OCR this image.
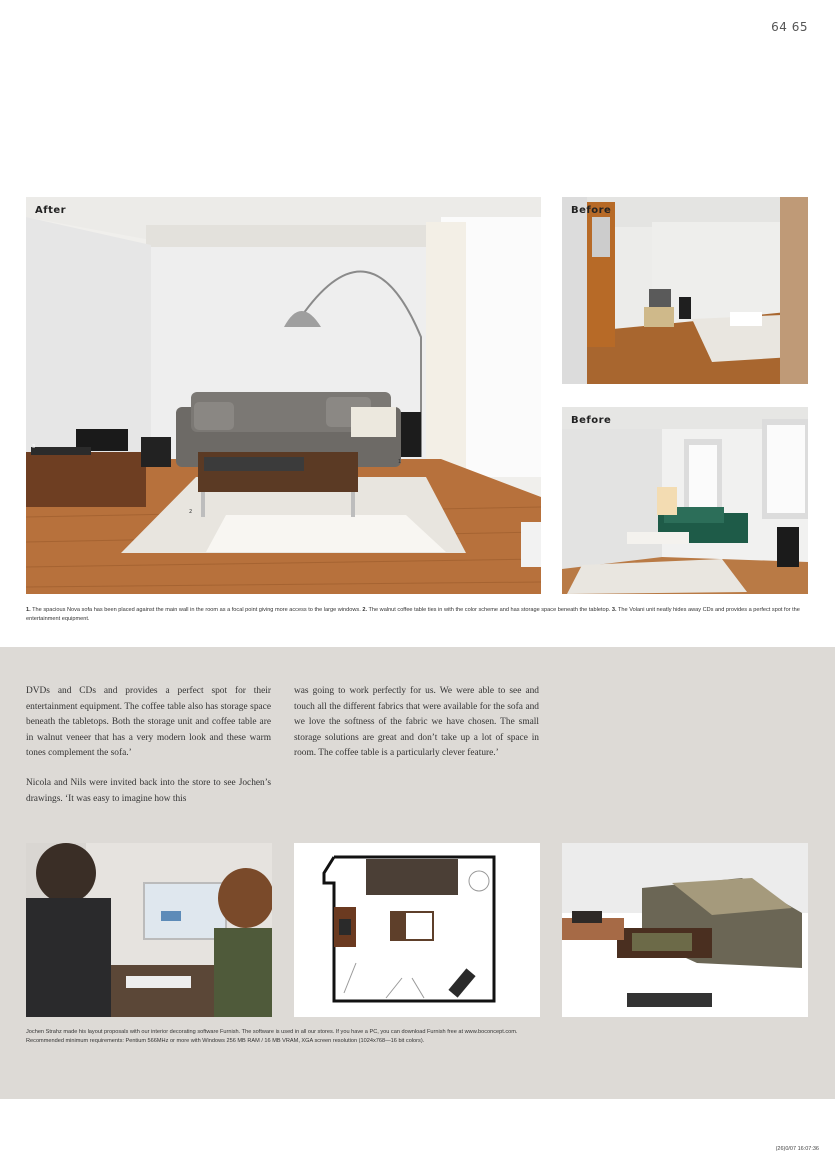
64 65
After
1
2
3
Before
Before
1. The spacious Nova sofa has been placed against the main wall in the room as a focal point giving more access to the large windows. 2. The walnut coffee table ties in with the color scheme and has storage space beneath the tabletop. 3. The Volani unit neatly hides away CDs and provides a perfect spot for the entertainment equipment.

DVDs and CDs and provides a perfect spot for their entertainment equipment. The coffee table also has storage space beneath the tabletops. Both the storage unit and coffee table are in walnut veneer that has a very modern look and these warm tones complement the sofa.’

Nicola and Nils were invited back into the store to see Jochen’s drawings. ‘It was easy to imagine how this

was going to work perfectly for us. We were able to see and touch all the different fabrics that were available for the sofa and we love the softness of the fabric we have chosen. The small storage solutions are great and don’t take up a lot of space in room. The coffee table is a particularly clever feature.’

Jochen Strahz made his layout proposals with our interior decorating software Furnish. The software is used in all our stores. If you have a PC, you can download Furnish free at www.boconcept.com.
Recommended minimum requirements: Pentium 566MHz or more with Windows 256 MB RAM / 16 MB VRAM, XGA screen resolution (1024x768—16 bit colors).
(26)0/07 16:07:36
